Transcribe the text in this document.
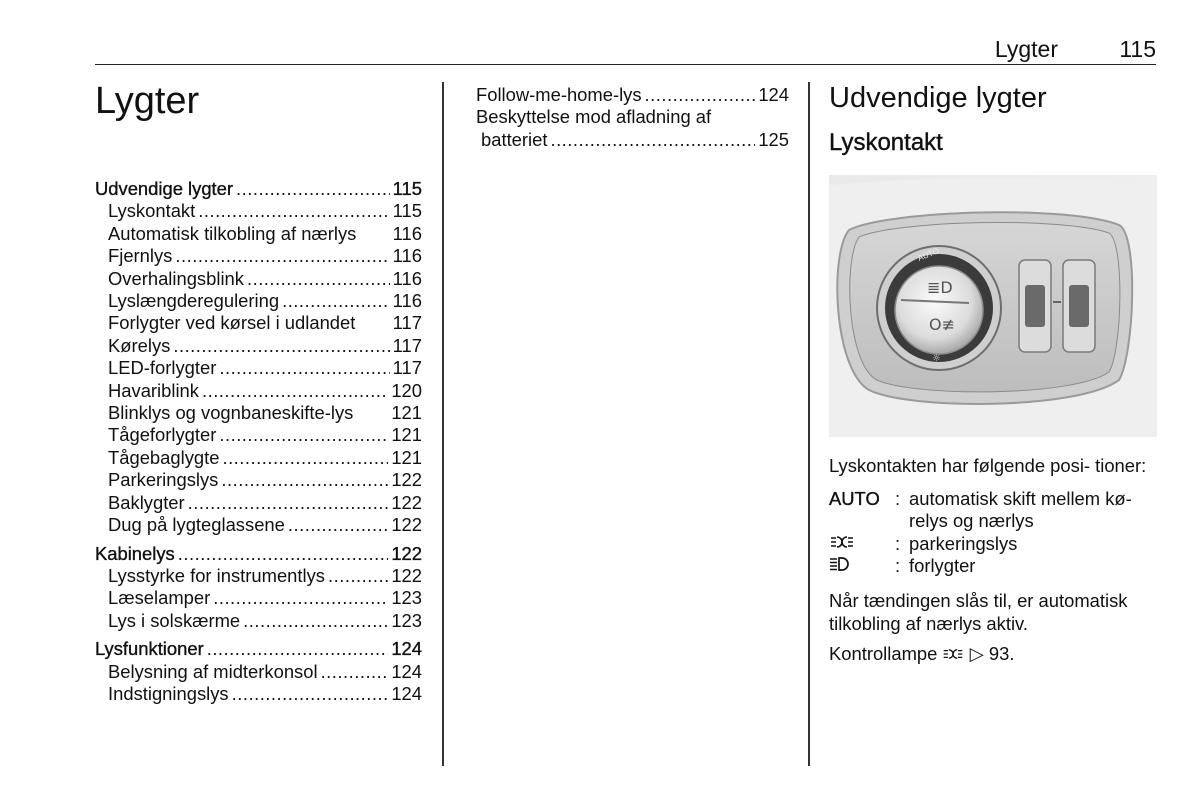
Lygter	115
Lygter
Udvendige lygter .....	115
Lyskontakt .....	115
Automatisk tilkobling af nærlys 116
Fjernlys .....	116
Overhalingsblink .....	116
Lyslængderegulering .....	116
Forlygter ved kørsel i udlandet 117
Kørelys .....	117
LED-forlygter .....	117
Havariblink .....	120
Blinklys og vognbaneskifte-lys 121
Tågeforlygter .....	121
Tågebaglygte .....	121
Parkeringslys .....	122
Baklygter .....	122
Dug på lygteglassene .....	122
Kabinelys .....	122
Lysstyrke for instrumentlys .....	122
Læselamper .....	123
Lys i solskærme .....	123
Lysfunktioner .....	124
Belysning af midterkonsol .....	124
Indstigningslys .....	124
Follow-me-home-lys .....	124
Beskyttelse mod afladning af
batteriet .....	125
Udvendige lygter
Lyskontakt
AUTO
≣D
O≢
☼

Lyskontakten har følgende posi- tioner:

AUTO : automatisk skift mellem kø- relys og nærlys
: parkeringslys
: forlygter

Når tændingen slås til, er automatisk tilkobling af nærlys aktiv.

Kontrollampe ▷ 93.
